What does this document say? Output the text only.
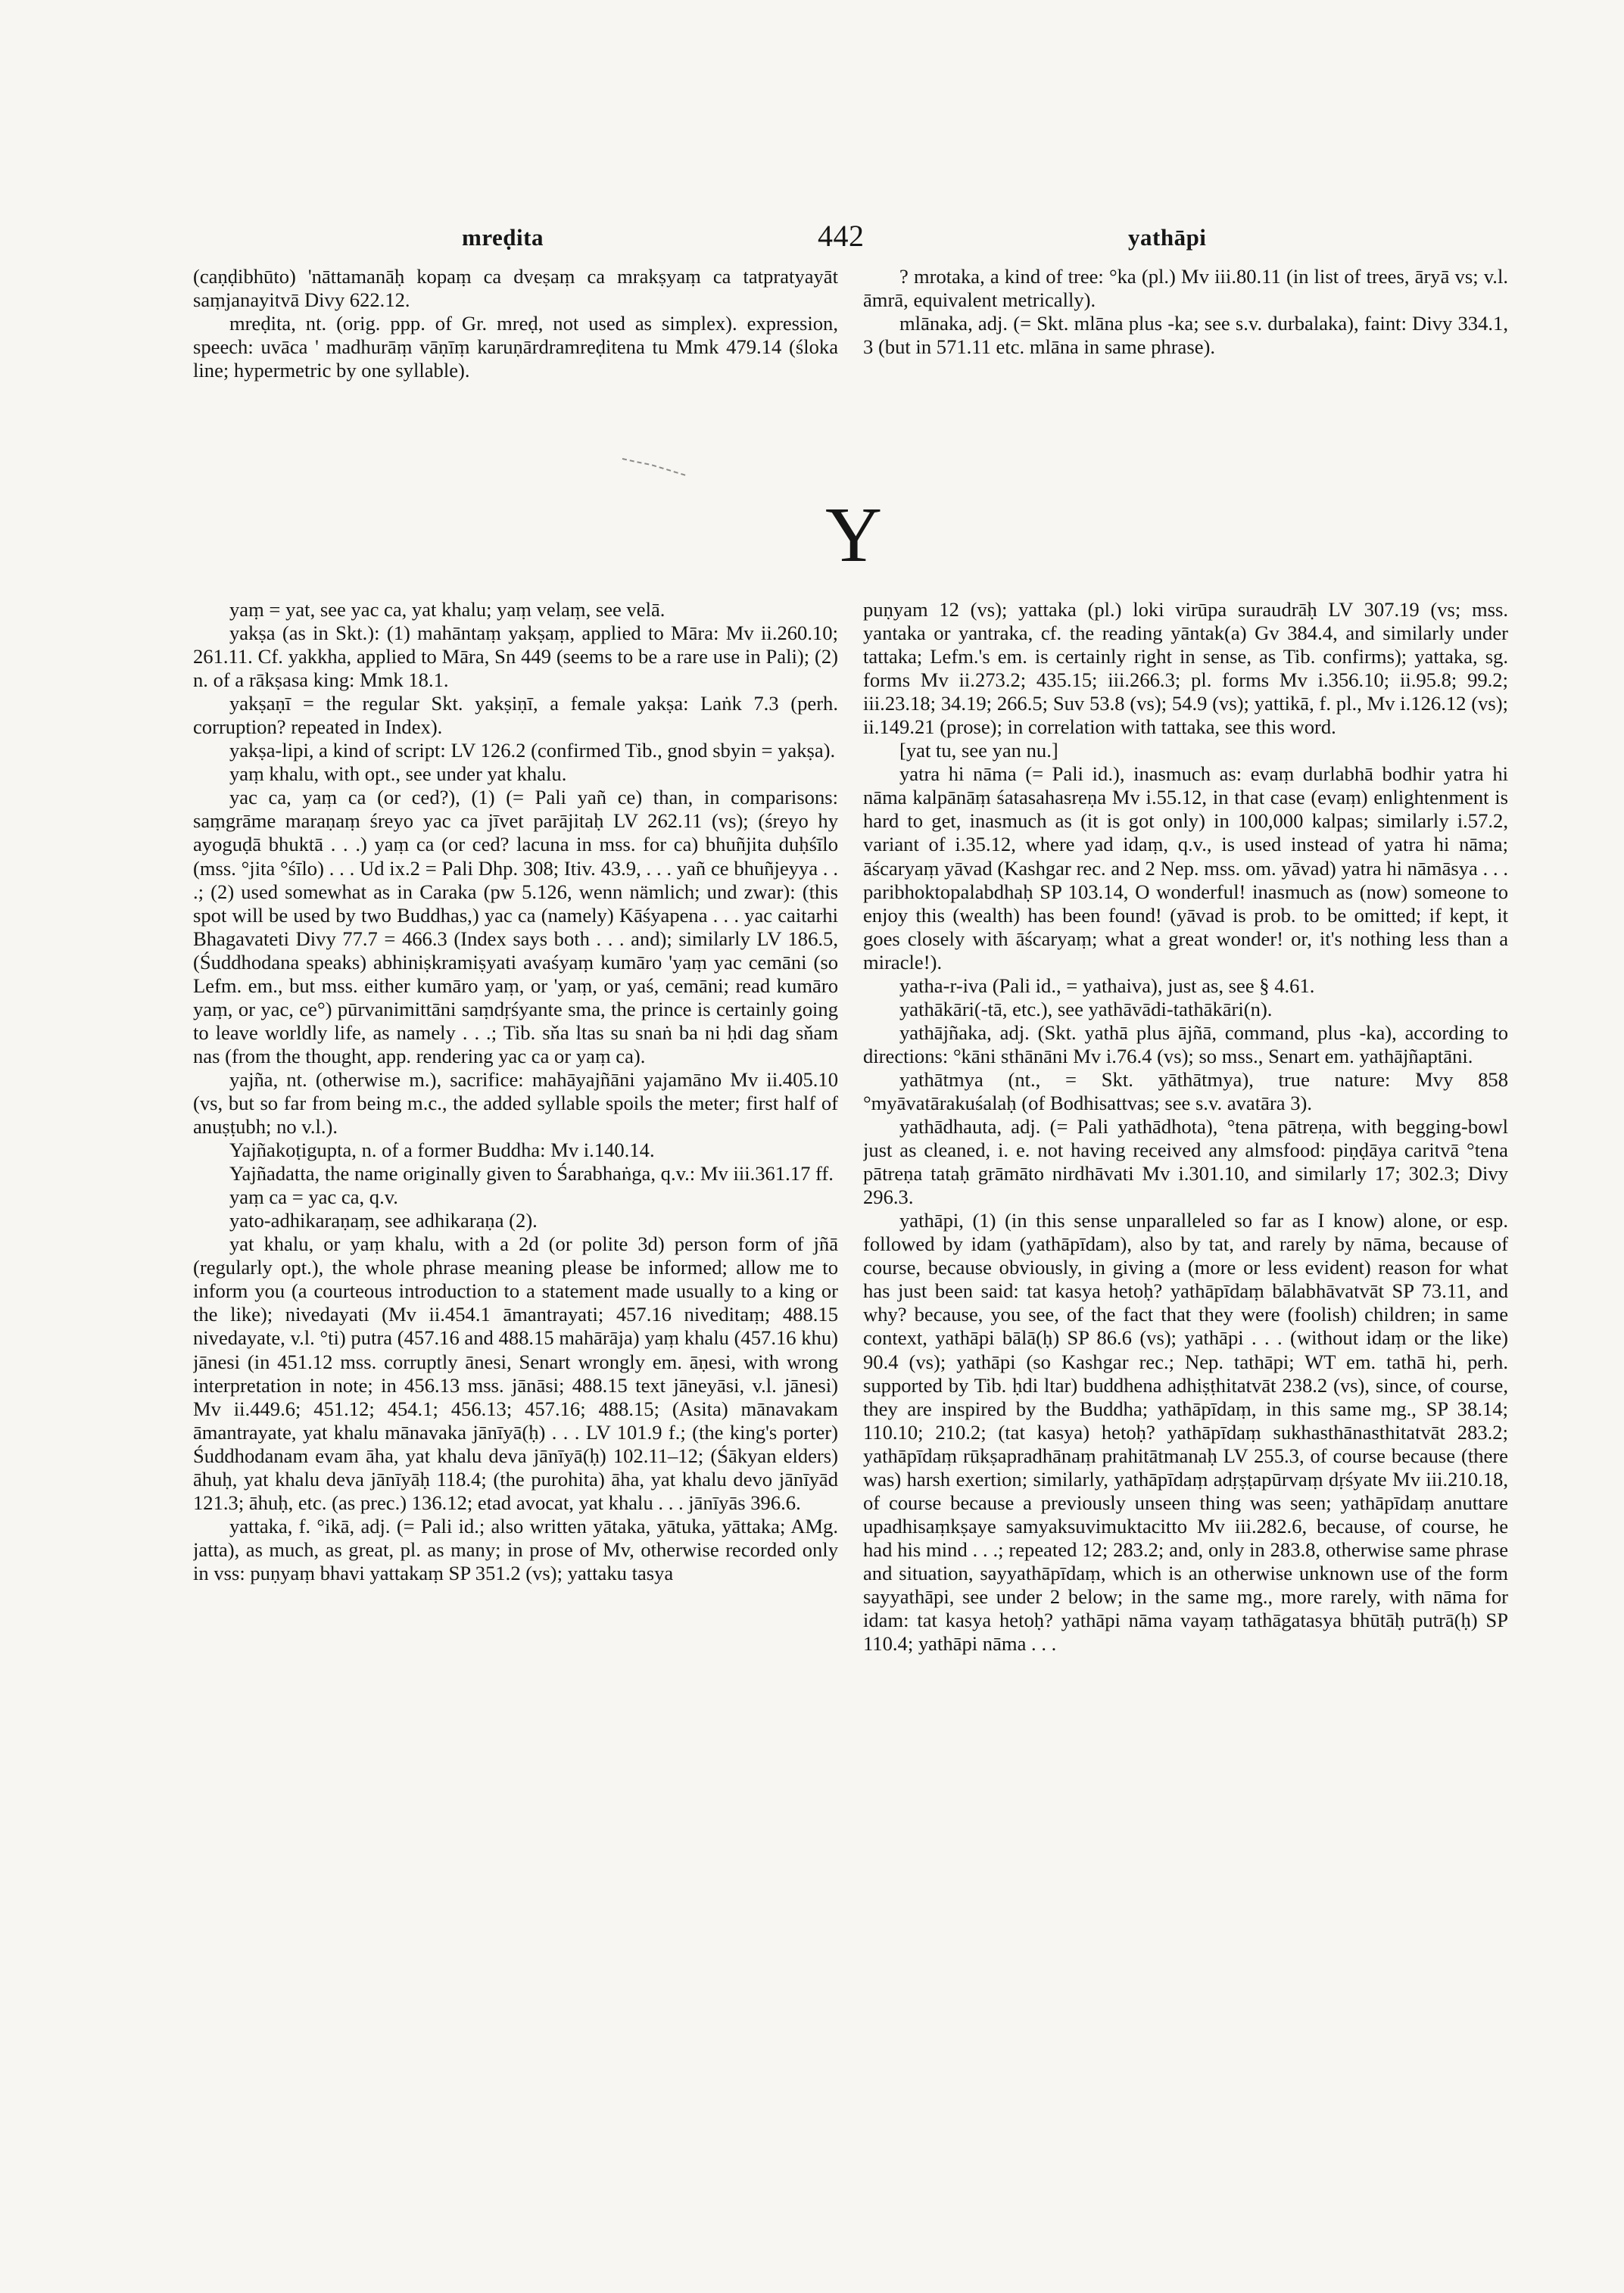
mreḍita	442	yathāpi

(caṇḍibhūto) 'nāttamanāḥ kopaṃ ca dveṣaṃ ca mrakṣyaṃ ca tatpratyayāt saṃjanayitvā Divy 622.12.

mreḍita, nt. (orig. ppp. of Gr. mreḍ, not used as simplex). expression, speech: uvāca ' madhurāṃ vāṇīṃ karuṇārdramreḍitena tu Mmk 479.14 (śloka line; hypermetric by one syllable).

? mrotaka, a kind of tree: °ka (pl.) Mv iii.80.11 (in list of trees, āryā vs; v.l. āmrā, equivalent metrically).

mlānaka, adj. (= Skt. mlāna plus -ka; see s.v. durbalaka), faint: Divy 334.1, 3 (but in 571.11 etc. mlāna in same phrase).

Y

yaṃ = yat, see yac ca, yat khalu; yaṃ velaṃ, see velā.

yakṣa (as in Skt.): (1) mahāntaṃ yakṣaṃ, applied to Māra: Mv ii.260.10; 261.11. Cf. yakkha, applied to Māra, Sn 449 (seems to be a rare use in Pali); (2) n. of a rākṣasa king: Mmk 18.1.

yakṣaṇī = the regular Skt. yakṣiṇī, a female yakṣa: Laṅk 7.3 (perh. corruption? repeated in Index).

yakṣa-lipi, a kind of script: LV 126.2 (confirmed Tib., gnod sbyin = yakṣa).

yaṃ khalu, with opt., see under yat khalu.

yac ca, yaṃ ca (or ced?), (1) (= Pali yañ ce) than, in comparisons: saṃgrāme maraṇaṃ śreyo yac ca jīvet parājitaḥ LV 262.11 (vs); (śreyo hy ayoguḍā bhuktā . . .) yaṃ ca (or ced? lacuna in mss. for ca) bhuñjita duḥśīlo (mss. °jita °śīlo) . . . Ud ix.2 = Pali Dhp. 308; Itiv. 43.9, . . . yañ ce bhuñjeyya . . .; (2) used somewhat as in Caraka (pw 5.126, wenn nämlich; und zwar): (this spot will be used by two Buddhas,) yac ca (namely) Kāśyapena . . . yac caitarhi Bhagavateti Divy 77.7 = 466.3 (Index says both . . . and); similarly LV 186.5, (Śuddhodana speaks) abhiniṣkramiṣyati avaśyaṃ kumāro 'yaṃ yac cemāni (so Lefm. em., but mss. either kumāro yaṃ, or 'yaṃ, or yaś, cemāni; read kumāro yaṃ, or yac, ce°) pūrvanimittāni saṃdṛśyante sma, the prince is certainly going to leave worldly life, as namely . . .; Tib. sňa ltas su snaṅ ba ni ḥdi dag sňam nas (from the thought, app. rendering yac ca or yaṃ ca).

yajña, nt. (otherwise m.), sacrifice: mahāyajñāni yajamāno Mv ii.405.10 (vs, but so far from being m.c., the added syllable spoils the meter; first half of anuṣṭubh; no v.l.).

Yajñakoṭigupta, n. of a former Buddha: Mv i.140.14.

Yajñadatta, the name originally given to Śarabhaṅga, q.v.: Mv iii.361.17 ff.

yaṃ ca = yac ca, q.v.

yato-adhikaraṇaṃ, see adhikaraṇa (2).

yat khalu, or yaṃ khalu, with a 2d (or polite 3d) person form of jñā (regularly opt.), the whole phrase meaning please be informed; allow me to inform you (a courteous introduction to a statement made usually to a king or the like); nivedayati (Mv ii.454.1 āmantrayati; 457.16 niveditaṃ; 488.15 nivedayate, v.l. °ti) putra (457.16 and 488.15 mahārāja) yaṃ khalu (457.16 khu) jānesi (in 451.12 mss. corruptly ānesi, Senart wrongly em. āṇesi, with wrong interpretation in note; in 456.13 mss. jānāsi; 488.15 text jāneyāsi, v.l. jānesi) Mv ii.449.6; 451.12; 454.1; 456.13; 457.16; 488.15; (Asita) mānavakam āmantrayate, yat khalu mānavaka jānīyā(ḥ) . . . LV 101.9 f.; (the king's porter) Śuddhodanam evam āha, yat khalu deva jānīyā(ḥ) 102.11–12; (Śākyan elders) āhuḥ, yat khalu deva jānīyāḥ 118.4; (the purohita) āha, yat khalu devo jānīyād 121.3; āhuḥ, etc. (as prec.) 136.12; etad avocat, yat khalu . . . jānīyās 396.6.

yattaka, f. °ikā, adj. (= Pali id.; also written yātaka, yātuka, yāttaka; AMg. jatta), as much, as great, pl. as many; in prose of Mv, otherwise recorded only in vss: puṇyaṃ bhavi yattakaṃ SP 351.2 (vs); yattaku tasya

puṇyam 12 (vs); yattaka (pl.) loki virūpa suraudrāḥ LV 307.19 (vs; mss. yantaka or yantraka, cf. the reading yāntak(a) Gv 384.4, and similarly under tattaka; Lefm.'s em. is certainly right in sense, as Tib. confirms); yattaka, sg. forms Mv ii.273.2; 435.15; iii.266.3; pl. forms Mv i.356.10; ii.95.8; 99.2; iii.23.18; 34.19; 266.5; Suv 53.8 (vs); 54.9 (vs); yattikā, f. pl., Mv i.126.12 (vs); ii.149.21 (prose); in correlation with tattaka, see this word.

[yat tu, see yan nu.]

yatra hi nāma (= Pali id.), inasmuch as: evaṃ durlabhā bodhir yatra hi nāma kalpānāṃ śatasahasreṇa Mv i.55.12, in that case (evaṃ) enlightenment is hard to get, inasmuch as (it is got only) in 100,000 kalpas; similarly i.57.2, variant of i.35.12, where yad idaṃ, q.v., is used instead of yatra hi nāma; āścaryaṃ yāvad (Kashgar rec. and 2 Nep. mss. om. yāvad) yatra hi nāmāsya . . . paribhoktopalabdhaḥ SP 103.14, O wonderful! inasmuch as (now) someone to enjoy this (wealth) has been found! (yāvad is prob. to be omitted; if kept, it goes closely with āścaryaṃ; what a great wonder! or, it's nothing less than a miracle!).

yatha-r-iva (Pali id., = yathaiva), just as, see § 4.61.

yathākāri(-tā, etc.), see yathāvādi-tathākāri(n).

yathājñaka, adj. (Skt. yathā plus ājñā, command, plus -ka), according to directions: °kāni sthānāni Mv i.76.4 (vs); so mss., Senart em. yathājñaptāni.

yathātmya (nt., = Skt. yāthātmya), true nature: Mvy 858 °myāvatārakuśalaḥ (of Bodhisattvas; see s.v. avatāra 3).

yathādhauta, adj. (= Pali yathādhota), °tena pātreṇa, with begging-bowl just as cleaned, i. e. not having received any almsfood: piṇḍāya caritvā °tena pātreṇa tataḥ grāmāto nirdhāvati Mv i.301.10, and similarly 17; 302.3; Divy 296.3.

yathāpi, (1) (in this sense unparalleled so far as I know) alone, or esp. followed by idam (yathāpīdam), also by tat, and rarely by nāma, because of course, because obviously, in giving a (more or less evident) reason for what has just been said: tat kasya hetoḥ? yathāpīdaṃ bālabhāvatvāt SP 73.11, and why? because, you see, of the fact that they were (foolish) children; in same context, yathāpi bālā(ḥ) SP 86.6 (vs); yathāpi . . . (without idaṃ or the like) 90.4 (vs); yathāpi (so Kashgar rec.; Nep. tathāpi; WT em. tathā hi, perh. supported by Tib. ḥdi ltar) buddhena adhiṣṭhitatvāt 238.2 (vs), since, of course, they are inspired by the Buddha; yathāpīdaṃ, in this same mg., SP 38.14; 110.10; 210.2; (tat kasya) hetoḥ? yathāpīdaṃ sukhasthānasthitatvāt 283.2; yathāpīdaṃ rūkṣapradhānaṃ prahitātmanaḥ LV 255.3, of course because (there was) harsh exertion; similarly, yathāpīdaṃ adṛṣṭapūrvaṃ dṛśyate Mv iii.210.18, of course because a previously unseen thing was seen; yathāpīdaṃ anuttare upadhisaṃkṣaye samyaksuvimuktacitto Mv iii.282.6, because, of course, he had his mind . . .; repeated 12; 283.2; and, only in 283.8, otherwise same phrase and situation, sayyathāpīdaṃ, which is an otherwise unknown use of the form sayyathāpi, see under 2 below; in the same mg., more rarely, with nāma for idam: tat kasya hetoḥ? yathāpi nāma vayaṃ tathāgatasya bhūtāḥ putrā(ḥ) SP 110.4; yathāpi nāma . . .
